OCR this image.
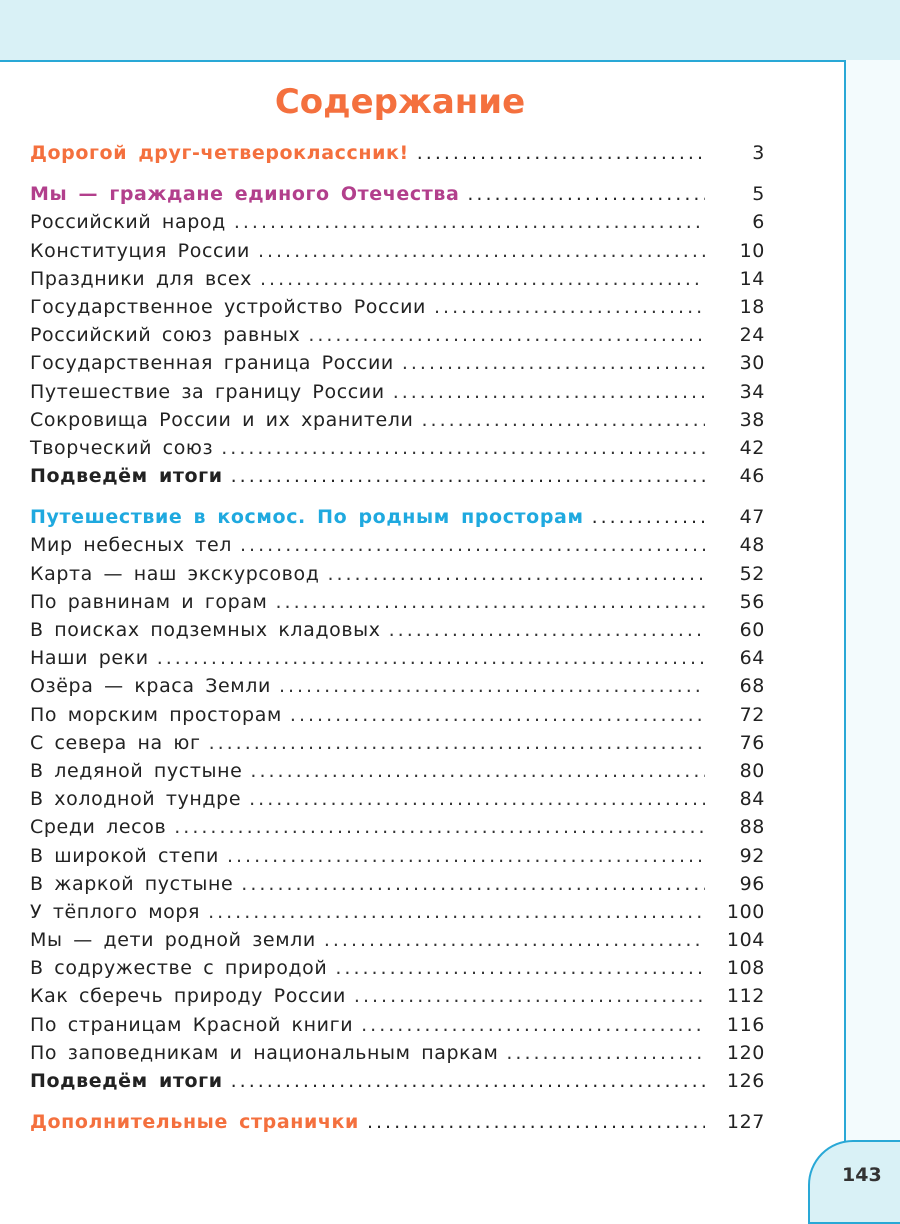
Содержание
Дорогой друг-четвероклассник! .....	3
Мы — граждане единого Отечества .....	5
Российский народ .....	6
Конституция России .....	10
Праздники для всех .....	14
Государственное устройство России .....	18
Российский союз равных .....	24
Государственная граница России .....	30
Путешествие за границу России .....	34
Сокровища России и их хранители .....	38
Творческий союз .....	42
Подведём итоги .....	46
Путешествие в космос. По родным просторам .....	47
Мир небесных тел .....	48
Карта — наш экскурсовод .....	52
По равнинам и горам .....	56
В поисках подземных кладовых .....	60
Наши реки .....	64
Озёра — краса Земли .....	68
По морским просторам .....	72
С севера на юг .....	76
В ледяной пустыне .....	80
В холодной тундре .....	84
Среди лесов .....	88
В широкой степи .....	92
В жаркой пустыне .....	96
У тёплого моря .....	100
Мы — дети родной земли .....	104
В содружестве с природой .....	108
Как сберечь природу России .....	112
По страницам Красной книги .....	116
По заповедникам и национальным паркам .....	120
Подведём итоги .....	126
Дополнительные странички .....	127
143
